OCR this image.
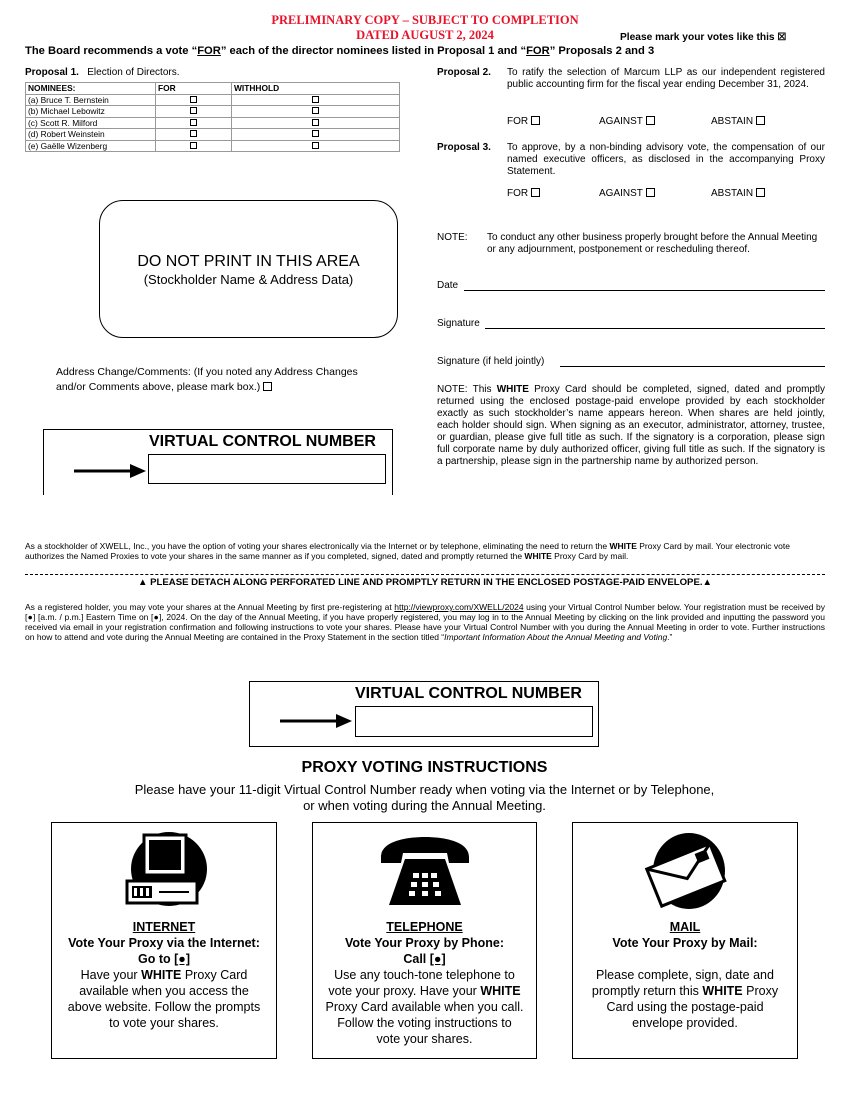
PRELIMINARY COPY – SUBJECT TO COMPLETION
DATED AUGUST 2, 2024	Please mark your votes like this ☒
The Board recommends a vote “FOR” each of the director nominees listed in Proposal 1 and “FOR” Proposals 2 and 3
Proposal 1. Election of Directors.
NOMINEES:	FOR	WITHHOLD
(a) Bruce T. Bernstein		
(b) Michael Lebowitz		
(c) Scott R. Milford		
(d) Robert Weinstein		
(e) Gaëlle Wizenberg		
Proposal 2. To ratify the selection of Marcum LLP as our independent registered public accounting firm for the fiscal year ending December 31, 2024.
FOR	AGAINST	ABSTAIN
Proposal 3. To approve, by a non-binding advisory vote, the compensation of our named executive officers, as disclosed in the accompanying Proxy Statement.
FOR	AGAINST	ABSTAIN
NOTE: To conduct any other business properly brought before the Annual Meeting or any adjournment, postponement or rescheduling thereof.
DO NOT PRINT IN THIS AREA
(Stockholder Name & Address Data)
Address Change/Comments: (If you noted any Address Changes and/or Comments above, please mark box.)
Date
Signature
Signature (if held jointly)
NOTE: This WHITE Proxy Card should be completed, signed, dated and promptly returned using the enclosed postage-paid envelope provided by each stockholder exactly as such stockholder’s name appears hereon. When shares are held jointly, each holder should sign. When signing as an executor, administrator, attorney, trustee, or guardian, please give full title as such. If the signatory is a corporation, please sign full corporate name by duly authorized officer, giving full title as such. If the signatory is a partnership, please sign in the partnership name by authorized person.
VIRTUAL CONTROL NUMBER
As a stockholder of XWELL, Inc., you have the option of voting your shares electronically via the Internet or by telephone, eliminating the need to return the WHITE Proxy Card by mail. Your electronic vote authorizes the Named Proxies to vote your shares in the same manner as if you completed, signed, dated and promptly returned the WHITE Proxy Card by mail.
▲ PLEASE DETACH ALONG PERFORATED LINE AND PROMPTLY RETURN IN THE ENCLOSED POSTAGE-PAID ENVELOPE.▲
As a registered holder, you may vote your shares at the Annual Meeting by first pre-registering at http://viewproxy.com/XWELL/2024 using your Virtual Control Number below. Your registration must be received by [●] [a.m. / p.m.] Eastern Time on [●], 2024. On the day of the Annual Meeting, if you have properly registered, you may log in to the Annual Meeting by clicking on the link provided and inputting the password you received via email in your registration confirmation and following instructions to vote your shares. Please have your Virtual Control Number with you during the Annual Meeting in order to vote. Further instructions on how to attend and vote during the Annual Meeting are contained in the Proxy Statement in the section titled “Important Information About the Annual Meeting and Voting.”
VIRTUAL CONTROL NUMBER
PROXY VOTING INSTRUCTIONS
Please have your 11-digit Virtual Control Number ready when voting via the Internet or by Telephone,
or when voting during the Annual Meeting.
INTERNET
Vote Your Proxy via the Internet:
Go to [●]
Have your WHITE Proxy Card available when you access the above website. Follow the prompts to vote your shares.
TELEPHONE
Vote Your Proxy by Phone:
Call [●]
Use any touch-tone telephone to vote your proxy. Have your WHITE Proxy Card available when you call. Follow the voting instructions to vote your shares.
MAIL
Vote Your Proxy by Mail:
Please complete, sign, date and promptly return this WHITE Proxy Card using the postage-paid envelope provided.
